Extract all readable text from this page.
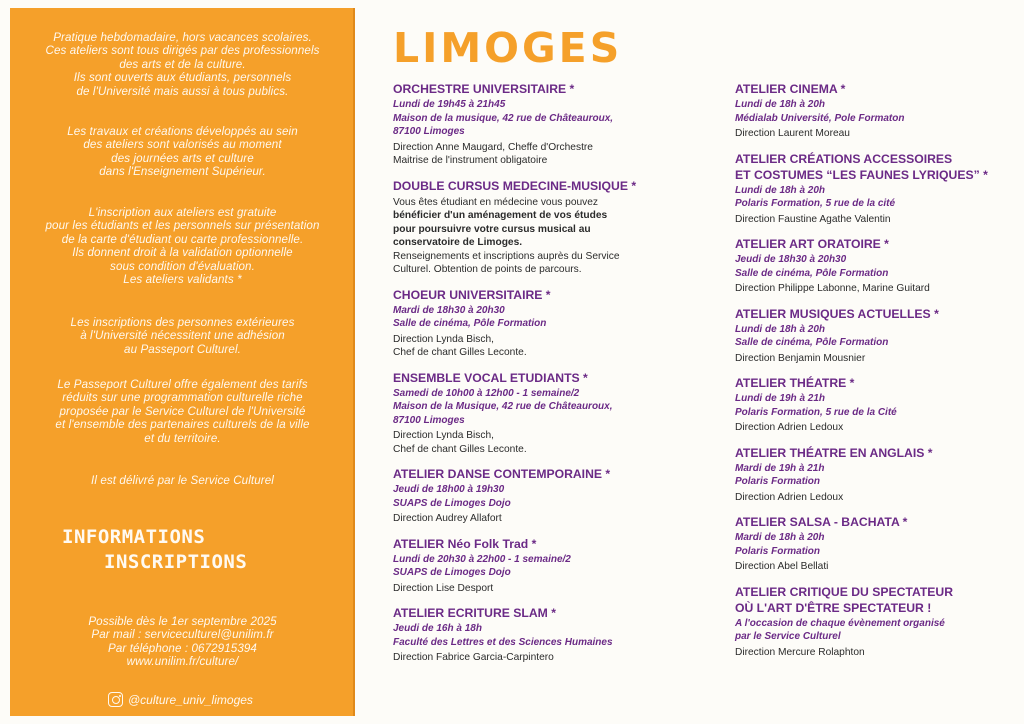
Pratique hebdomadaire, hors vacances scolaires.
Ces ateliers sont tous dirigés par des professionnels
des arts et de la culture.
Ils sont ouverts aux étudiants, personnels
de l'Université mais aussi à tous publics.
Les travaux et créations développés au sein
des ateliers sont valorisés au moment
des journées arts et culture
dans l'Enseignement Supérieur.
L'inscription aux ateliers est gratuite
pour les étudiants et les personnels sur présentation
de la carte d'étudiant ou carte professionnelle.
Ils donnent droit à la validation optionnelle
sous condition d'évaluation.
Les ateliers validants *
Les inscriptions des personnes extérieures
à l'Université nécessitent une adhésion
au Passeport Culturel.
Le Passeport Culturel offre également des tarifs
réduits sur une programmation culturelle riche
proposée par le Service Culturel de l'Université
et l'ensemble des partenaires culturels de la ville
et du territoire.
Il est délivré par le Service Culturel
INFORMATIONS
INSCRIPTIONS
Possible dès le 1er septembre 2025
Par mail : serviceculturel@unilim.fr
Par téléphone : 0672915394
www.unilim.fr/culture/
@culture_univ_limoges
LIMOGES
ORCHESTRE UNIVERSITAIRE *
Lundi de 19h45 à 21h45
Maison de la musique, 42 rue de Châteauroux,
87100 Limoges
Direction Anne Maugard, Cheffe d'Orchestre
Maitrise de l'instrument obligatoire
DOUBLE CURSUS MEDECINE-MUSIQUE *
Vous êtes étudiant en médecine vous pouvez
bénéficier d'un aménagement de vos études
pour poursuivre votre cursus musical au
conservatoire de Limoges.
Renseignements et inscriptions auprès du Service
Culturel. Obtention de points de parcours.
CHOEUR UNIVERSITAIRE *
Mardi de 18h30 à 20h30
Salle de cinéma, Pôle Formation
Direction Lynda Bisch,
Chef de chant Gilles Leconte.
ENSEMBLE VOCAL ETUDIANTS *
Samedi de 10h00 à 12h00 - 1 semaine/2
Maison de la Musique, 42 rue de Châteauroux,
87100 Limoges
Direction Lynda Bisch,
Chef de chant Gilles Leconte.
ATELIER DANSE CONTEMPORAINE *
Jeudi de 18h00 à 19h30
SUAPS de Limoges Dojo
Direction Audrey Allafort
ATELIER Néo Folk Trad *
Lundi de 20h30 à 22h00 - 1 semaine/2
SUAPS de Limoges Dojo
Direction Lise Desport
ATELIER ECRITURE SLAM *
Jeudi de 16h à 18h
Faculté des Lettres et des Sciences Humaines
Direction Fabrice Garcia-Carpintero
ATELIER CINEMA *
Lundi de 18h à 20h
Médialab Université, Pole Formaton
Direction Laurent Moreau
ATELIER CRÉATIONS ACCESSOIRES
ET COSTUMES “LES FAUNES LYRIQUES” *
Lundi de 18h à 20h
Polaris Formation, 5 rue de la cité
Direction Faustine Agathe Valentin
ATELIER ART ORATOIRE *
Jeudi de 18h30 à 20h30
Salle de cinéma, Pôle Formation
Direction Philippe Labonne, Marine Guitard
ATELIER MUSIQUES ACTUELLES *
Lundi de 18h à 20h
Salle de cinéma, Pôle Formation
Direction Benjamin Mousnier
ATELIER THÉATRE *
Lundi de 19h à 21h
Polaris Formation, 5 rue de la Cité
Direction Adrien Ledoux
ATELIER THÉATRE EN ANGLAIS *
Mardi de 19h à 21h
Polaris Formation
Direction Adrien Ledoux
ATELIER SALSA - BACHATA *
Mardi de 18h à 20h
Polaris Formation
Direction Abel Bellati
ATELIER CRITIQUE DU SPECTATEUR
OÙ L'ART D'ÊTRE SPECTATEUR !
A l'occasion de chaque évènement organisé
par le Service Culturel
Direction Mercure Rolaphton
